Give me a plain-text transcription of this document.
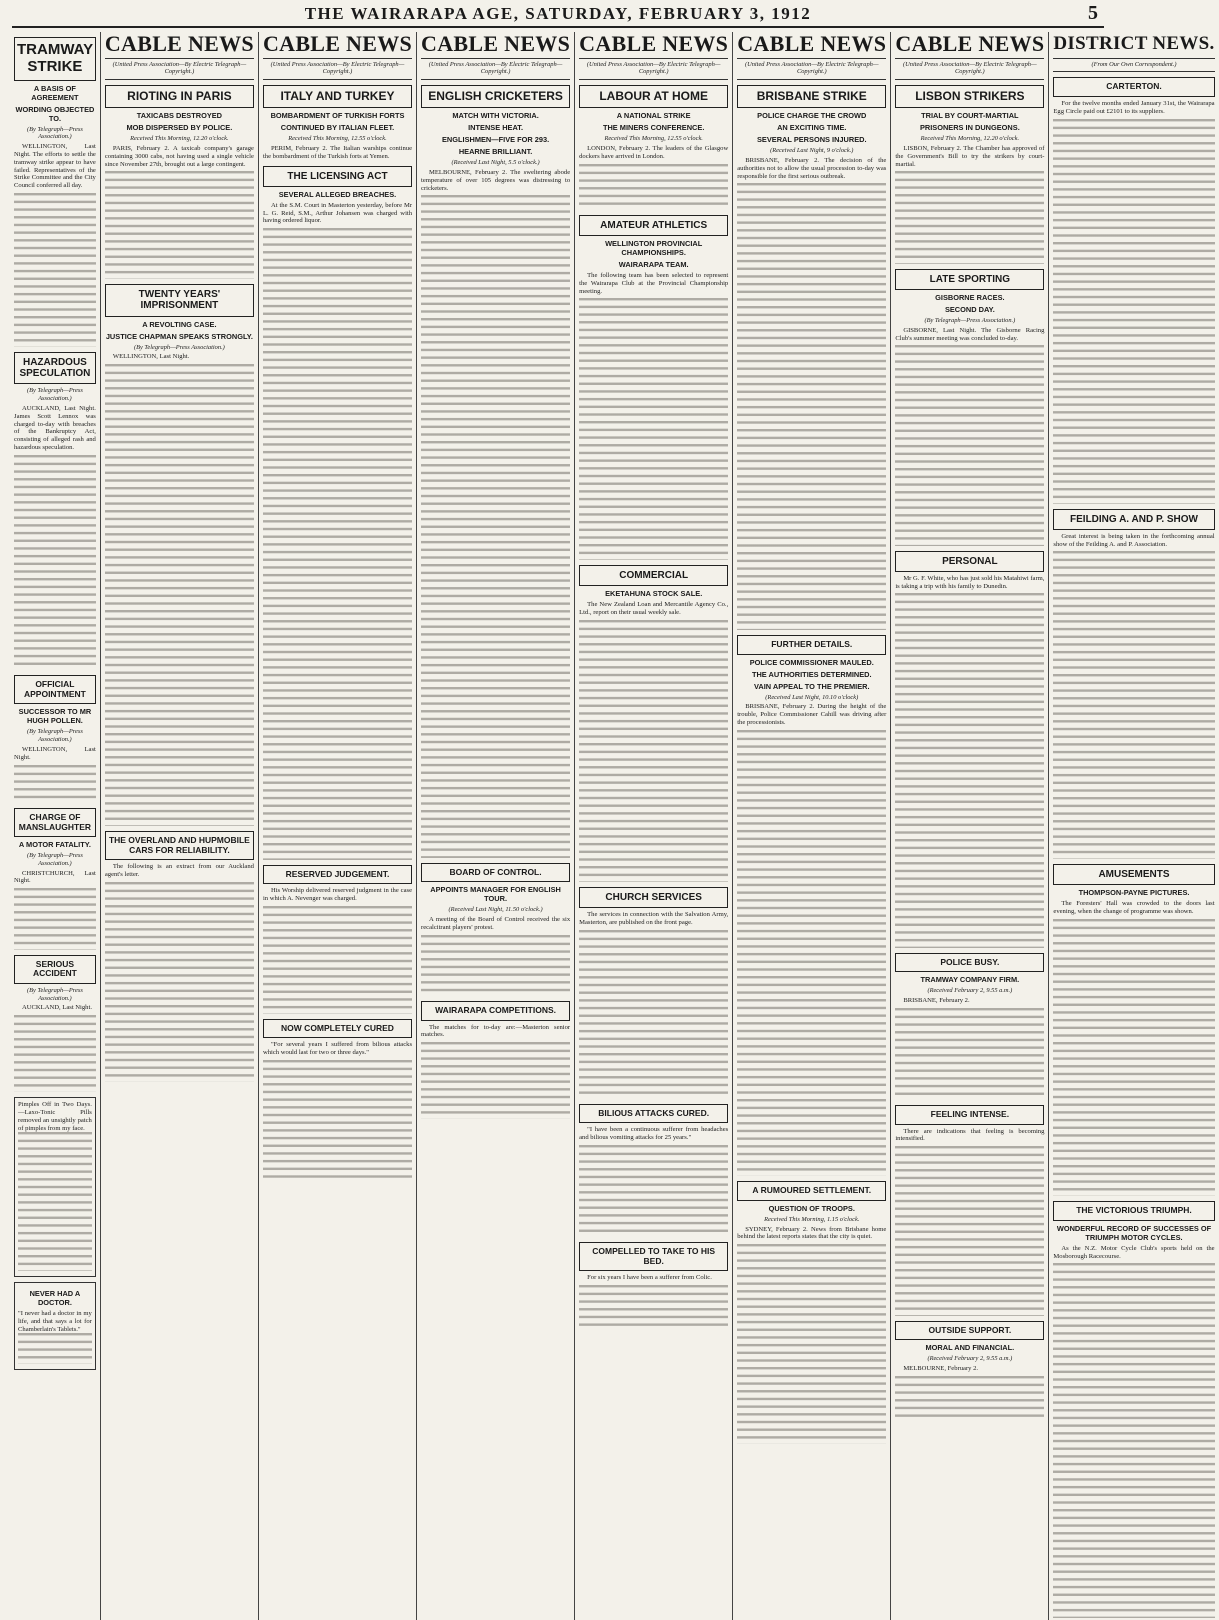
THE WAIRARAPA AGE, SATURDAY, FEBRUARY 3, 1912	5
TRAMWAY STRIKE
A BASIS OF AGREEMENT
WORDING OBJECTED TO.
(By Telegraph—Press Association.)

WELLINGTON, Last Night. The efforts to settle the tramway strike appear to have failed. Representatives of the Strike Committee and the City Council conferred all day.

HAZARDOUS SPECULATION
(By Telegraph—Press Association.)

AUCKLAND, Last Night. James Scott Lennox was charged to-day with breaches of the Bankruptcy Act, consisting of alleged rash and hazardous speculation.

OFFICIAL APPOINTMENT
SUCCESSOR TO MR HUGH POLLEN.
(By Telegraph—Press Association.)

WELLINGTON, Last Night.

CHARGE OF MANSLAUGHTER
A MOTOR FATALITY.
(By Telegraph—Press Association.)

CHRISTCHURCH, Last Night.

SERIOUS ACCIDENT
(By Telegraph—Press Association.)

AUCKLAND, Last Night.

Pimples Off in Two Days.—Laxo-Tonic Pills removed an unsightly patch of pimples from my face.
NEVER HAD A DOCTOR.
"I never had a doctor in my life, and that says a lot for Chamberlain's Tablets."
CABLE NEWS
(United Press Association—By Electric Telegraph—Copyright.)
RIOTING IN PARIS
TAXICABS DESTROYED
MOB DISPERSED BY POLICE.
Received This Morning, 12.20 o'clock.

PARIS, February 2. A taxicab company's garage containing 3000 cabs, not having used a single vehicle since November 27th, brought out a large contingent.

TWENTY YEARS' IMPRISONMENT
A REVOLTING CASE.
JUSTICE CHAPMAN SPEAKS STRONGLY.
(By Telegraph—Press Association.)

WELLINGTON, Last Night.

THE OVERLAND AND HUPMOBILE CARS FOR RELIABILITY.

The following is an extract from our Auckland agent's letter.

CABLE NEWS
(United Press Association—By Electric Telegraph—Copyright.)
ITALY AND TURKEY
BOMBARDMENT OF TURKISH FORTS
CONTINUED BY ITALIAN FLEET.
Received This Morning, 12.55 o'clock.

PERIM, February 2. The Italian warships continue the bombardment of the Turkish forts at Yemen.

THE LICENSING ACT
SEVERAL ALLEGED BREACHES.

At the S.M. Court in Masterton yesterday, before Mr L. G. Reid, S.M., Arthur Johansen was charged with having ordered liquor.

RESERVED JUDGEMENT.

His Worship delivered reserved judgment in the case in which A. Nevenger was charged.

NOW COMPLETELY CURED

"For several years I suffered from bilious attacks which would last for two or three days."

CABLE NEWS
(United Press Association—By Electric Telegraph—Copyright.)
ENGLISH CRICKETERS
MATCH WITH VICTORIA.
INTENSE HEAT.
ENGLISHMEN—FIVE FOR 293.
HEARNE BRILLIANT.
(Received Last Night, 5.5 o'clock.)

MELBOURNE, February 2. The sweltering abode temperature of over 105 degrees was distressing to cricketers.

BOARD OF CONTROL.
APPOINTS MANAGER FOR ENGLISH TOUR.
(Received Last Night, 11.50 o'clock.)

A meeting of the Board of Control received the six recalcitrant players' protest.

WAIRARAPA COMPETITIONS.

The matches for to-day are:—Masterton senior matches.

CABLE NEWS
(United Press Association—By Electric Telegraph—Copyright.)
LABOUR AT HOME
A NATIONAL STRIKE
THE MINERS CONFERENCE.
Received This Morning, 12.55 o'clock.

LONDON, February 2. The leaders of the Glasgow dockers have arrived in London.

AMATEUR ATHLETICS
WELLINGTON PROVINCIAL CHAMPIONSHIPS.
WAIRARAPA TEAM.

The following team has been selected to represent the Wairarapa Club at the Provincial Championship meeting.

COMMERCIAL
EKETAHUNA STOCK SALE.

The New Zealand Loan and Mercantile Agency Co., Ltd., report on their usual weekly sale.

CHURCH SERVICES

The services in connection with the Salvation Army, Masterton, are published on the front page.

BILIOUS ATTACKS CURED.

"I have been a continuous sufferer from headaches and bilious vomiting attacks for 25 years."

COMPELLED TO TAKE TO HIS BED.

For six years I have been a sufferer from Colic.

CABLE NEWS
(United Press Association—By Electric Telegraph—Copyright.)
BRISBANE STRIKE
POLICE CHARGE THE CROWD
AN EXCITING TIME.
SEVERAL PERSONS INJURED.
(Received Last Night, 9 o'clock.)

BRISBANE, February 2. The decision of the authorities not to allow the usual procession to-day was responsible for the first serious outbreak.

FURTHER DETAILS.
POLICE COMMISSIONER MAULED.
THE AUTHORITIES DETERMINED.
VAIN APPEAL TO THE PREMIER.
(Received Last Night, 10.10 o'clock)

BRISBANE, February 2. During the height of the trouble, Police Commissioner Cahill was driving after the processionists.

A RUMOURED SETTLEMENT.
QUESTION OF TROOPS.
Received This Morning, 1.15 o'clock.

SYDNEY, February 2. News from Brisbane home behind the latest reports states that the city is quiet.

CABLE NEWS
(United Press Association—By Electric Telegraph—Copyright.)
LISBON STRIKERS
TRIAL BY COURT-MARTIAL
PRISONERS IN DUNGEONS.
Received This Morning, 12.20 o'clock.

LISBON, February 2. The Chamber has approved of the Government's Bill to try the strikers by court-martial.

LATE SPORTING
GISBORNE RACES.
SECOND DAY.
(By Telegraph—Press Association.)

GISBORNE, Last Night. The Gisborne Racing Club's summer meeting was concluded to-day.

PERSONAL

Mr G. F. White, who has just sold his Matahiwi farm, is taking a trip with his family to Dunedin.

POLICE BUSY.
TRAMWAY COMPANY FIRM.
(Received February 2, 9.55 a.m.)

BRISBANE, February 2.

FEELING INTENSE.

There are indications that feeling is becoming intensified.

OUTSIDE SUPPORT.
MORAL AND FINANCIAL.
(Received February 2, 9.55 a.m.)

MELBOURNE, February 2.

DISTRICT NEWS.
(From Our Own Correspondent.)
CARTERTON.

For the twelve months ended January 31st, the Wairarapa Egg Circle paid out £2101 to its suppliers.

FEILDING A. AND P. SHOW

Great interest is being taken in the forthcoming annual show of the Feilding A. and P. Association.

AMUSEMENTS
THOMPSON-PAYNE PICTURES.

The Foresters' Hall was crowded to the doors last evening, when the change of programme was shown.

THE VICTORIOUS TRIUMPH.
WONDERFUL RECORD OF SUCCESSES OF TRIUMPH MOTOR CYCLES.

As the N.Z. Motor Cycle Club's sports held on the Mosborough Racecourse.
